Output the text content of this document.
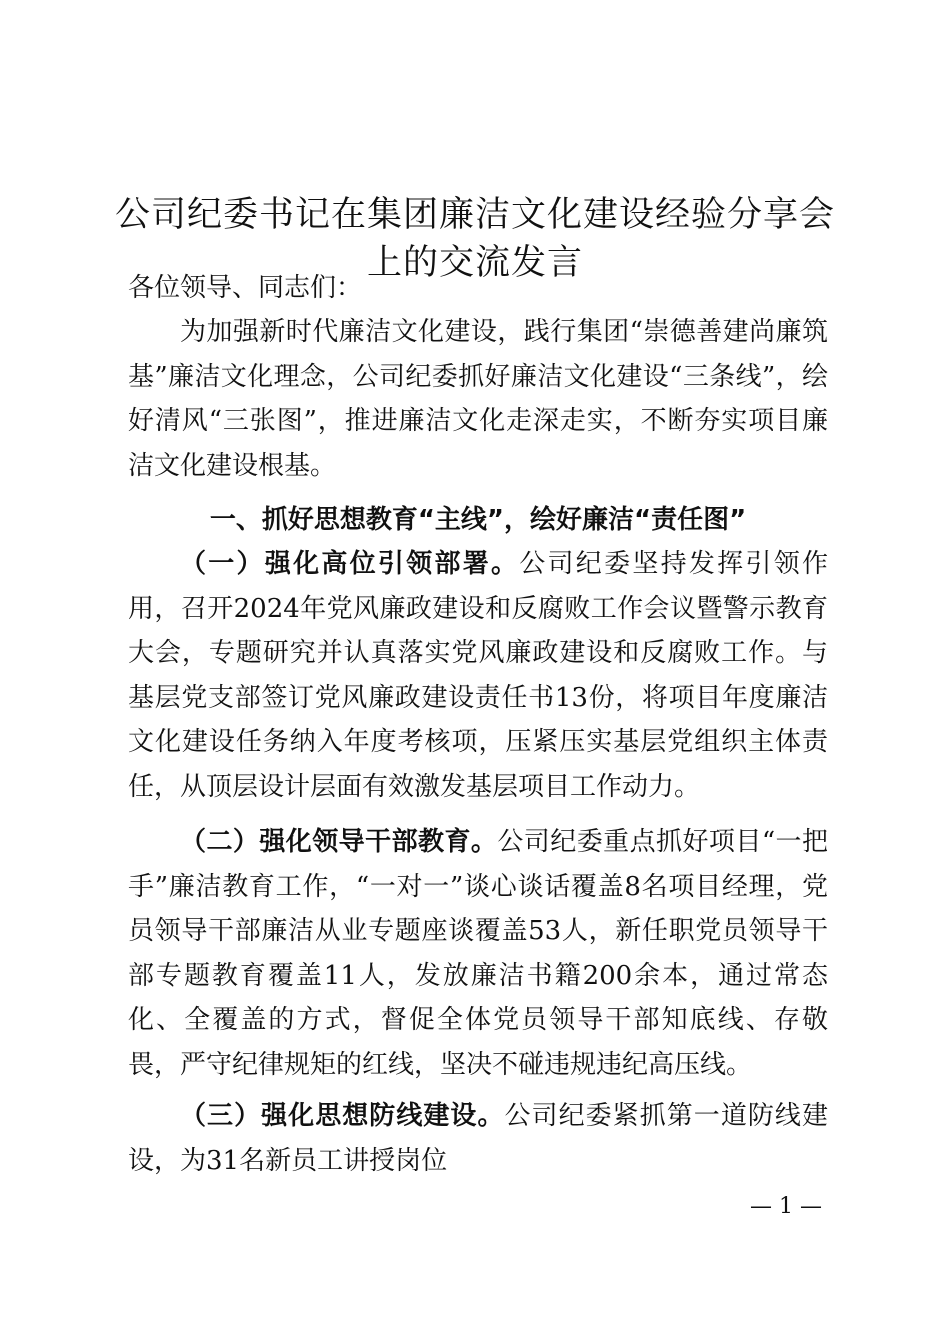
公司纪委书记在集团廉洁文化建设经验分享会上的交流发言
各位领导、同志们：

为加强新时代廉洁文化建设，践行集团“崇德善建尚廉筑基”廉洁文化理念，公司纪委抓好廉洁文化建设“三条线”，绘好清风“三张图”，推进廉洁文化走深走实，不断夯实项目廉洁文化建设根基。

一、抓好思想教育“主线”，绘好廉洁“责任图”

（一）强化高位引领部署。公司纪委坚持发挥引领作用，召开2024年党风廉政建设和反腐败工作会议暨警示教育大会，专题研究并认真落实党风廉政建设和反腐败工作。与基层党支部签订党风廉政建设责任书13份，将项目年度廉洁文化建设任务纳入年度考核项，压紧压实基层党组织主体责任，从顶层设计层面有效激发基层项目工作动力。

（二）强化领导干部教育。公司纪委重点抓好项目“一把手”廉洁教育工作，“一对一”谈心谈话覆盖8名项目经理，党员领导干部廉洁从业专题座谈覆盖53人，新任职党员领导干部专题教育覆盖11人，发放廉洁书籍200余本，通过常态化、全覆盖的方式，督促全体党员领导干部知底线、存敬畏，严守纪律规矩的红线，坚决不碰违规违纪高压线。

（三）强化思想防线建设。公司纪委紧抓第一道防线建设，为31名新员工讲授岗位

— 1 —
